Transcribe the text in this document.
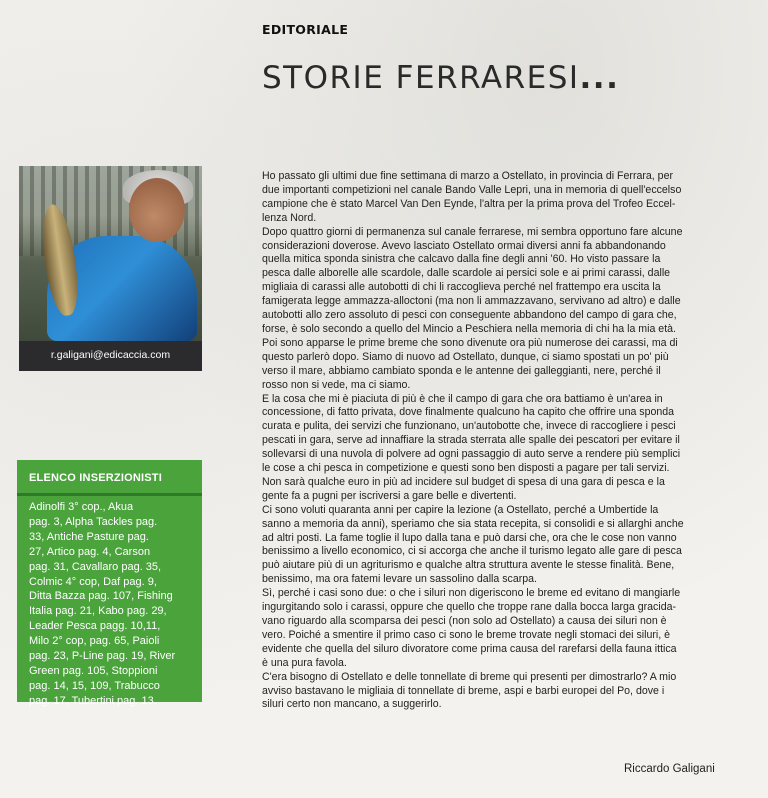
EDITORIALE
STORIE FERRARESI...
r.galigani@edicaccia.com
ELENCO INSERZIONISTI
Adinolfi 3° cop., Akua
pag. 3, Alpha Tackles pag.
33, Antiche Pasture pag.
27, Artico pag. 4, Carson
pag. 31, Cavallaro pag. 35,
Colmic 4° cop, Daf pag. 9,
Ditta Bazza pag. 107, Fishing
Italia pag. 21, Kabo pag. 29,
Leader Pesca pagg. 10,11,
Milo 2° cop, pag. 65, Paioli
pag. 23, P-Line pag. 19, River
Green pag. 105, Stoppioni
pag. 14, 15, 109, Trabucco
pag. 17, Tubertini pag. 13.
Ho passato gli ultimi due fine settimana di marzo a Ostellato, in provincia di Ferrara, per
due importanti competizioni nel canale Bando Valle Lepri, una in memoria di quell'eccelso
campione che è stato Marcel Van Den Eynde, l'altra per la prima prova del Trofeo Eccel-
lenza Nord.
Dopo quattro giorni di permanenza sul canale ferrarese, mi sembra opportuno fare alcune
considerazioni doverose. Avevo lasciato Ostellato ormai diversi anni fa abbandonando
quella mitica sponda sinistra che calcavo dalla fine degli anni '60. Ho visto passare la
pesca dalle alborelle alle scardole, dalle scardole ai persici sole e ai primi carassi, dalle
migliaia di carassi alle autobotti di chi li raccoglieva perché nel frattempo era uscita la
famigerata legge ammazza-alloctoni (ma non li ammazzavano, servivano ad altro) e dalle
autobotti allo zero assoluto di pesci con conseguente abbandono del campo di gara che,
forse, è solo secondo a quello del Mincio a Peschiera nella memoria di chi ha la mia età.
Poi sono apparse le prime breme che sono divenute ora più numerose dei carassi, ma di
questo parlerò dopo. Siamo di nuovo ad Ostellato, dunque, ci siamo spostati un po' più
verso il mare, abbiamo cambiato sponda e le antenne dei galleggianti, nere, perché il
rosso non si vede, ma ci siamo.
E la cosa che mi è piaciuta di più è che il campo di gara che ora battiamo è un'area in
concessione, di fatto privata, dove finalmente qualcuno ha capito che offrire una sponda
curata e pulita, dei servizi che funzionano, un'autobotte che, invece di raccogliere i pesci
pescati in gara, serve ad innaffiare la strada sterrata alle spalle dei pescatori per evitare il
sollevarsi di una nuvola di polvere ad ogni passaggio di auto serve a rendere più semplici
le cose a chi pesca in competizione e questi sono ben disposti a pagare per tali servizi.
Non sarà qualche euro in più ad incidere sul budget di spesa di una gara di pesca e la
gente fa a pugni per iscriversi a gare belle e divertenti.
Ci sono voluti quaranta anni per capire la lezione (a Ostellato, perché a Umbertide la
sanno a memoria da anni), speriamo che sia stata recepita, si consolidi e si allarghi anche
ad altri posti. La fame toglie il lupo dalla tana e può darsi che, ora che le cose non vanno
benissimo a livello economico, ci si accorga che anche il turismo legato alle gare di pesca
può aiutare più di un agriturismo e qualche altra struttura avente le stesse finalità. Bene,
benissimo, ma ora fatemi levare un sassolino dalla scarpa.
Sì, perché i casi sono due: o che i siluri non digeriscono le breme ed evitano di mangiarle
ingurgitando solo i carassi, oppure che quello che troppe rane dalla bocca larga gracida-
vano riguardo alla scomparsa dei pesci (non solo ad Ostellato) a causa dei siluri non è
vero. Poiché a smentire il primo caso ci sono le breme trovate negli stomaci dei siluri, è
evidente che quella del siluro divoratore come prima causa del rarefarsi della fauna ittica
è una pura favola.
C'era bisogno di Ostellato e delle tonnellate di breme qui presenti per dimostrarlo? A mio
avviso bastavano le migliaia di tonnellate di breme, aspi e barbi europei del Po, dove i
siluri certo non mancano, a suggerirlo.
Riccardo Galigani
